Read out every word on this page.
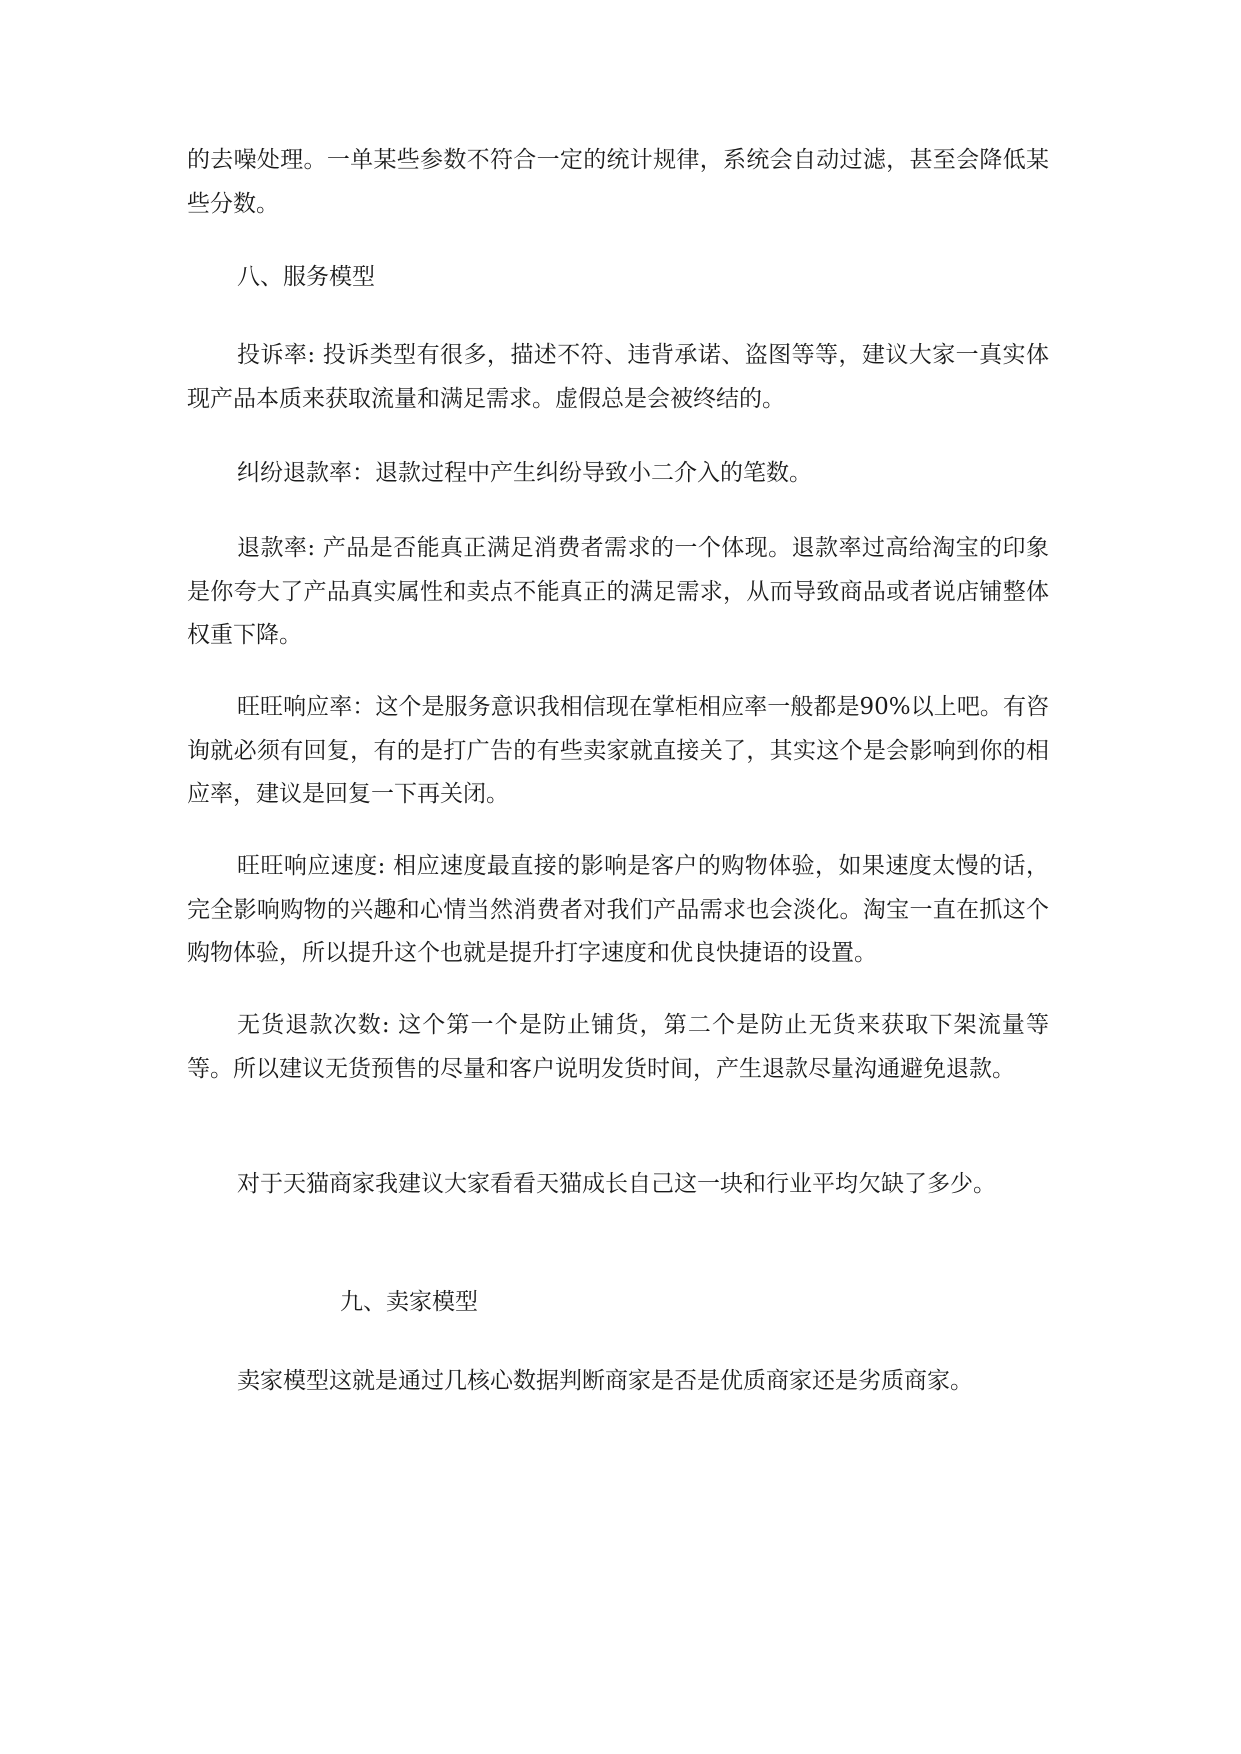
的去噪处理。一单某些参数不符合一定的统计规律，系统会自动过滤，甚至会降低某些分数。

八、服务模型

投诉率: 投诉类型有很多，描述不符、违背承诺、盗图等等，建议大家一真实体现产品本质来获取流量和满足需求。虚假总是会被终结的。

纠纷退款率：退款过程中产生纠纷导致小二介入的笔数。

退款率: 产品是否能真正满足消费者需求的一个体现。退款率过高给淘宝的印象是你夸大了产品真实属性和卖点不能真正的满足需求，从而导致商品或者说店铺整体权重下降。

旺旺响应率：这个是服务意识我相信现在掌柜相应率一般都是90%以上吧。有咨询就必须有回复，有的是打广告的有些卖家就直接关了，其实这个是会影响到你的相应率，建议是回复一下再关闭。

旺旺响应速度: 相应速度最直接的影响是客户的购物体验，如果速度太慢的话，完全影响购物的兴趣和心情当然消费者对我们产品需求也会淡化。淘宝一直在抓这个购物体验，所以提升这个也就是提升打字速度和优良快捷语的设置。

无货退款次数: 这个第一个是防止铺货，第二个是防止无货来获取下架流量等等。所以建议无货预售的尽量和客户说明发货时间，产生退款尽量沟通避免退款。

对于天猫商家我建议大家看看天猫成长自己这一块和行业平均欠缺了多少。

九、卖家模型

卖家模型这就是通过几核心数据判断商家是否是优质商家还是劣质商家。
